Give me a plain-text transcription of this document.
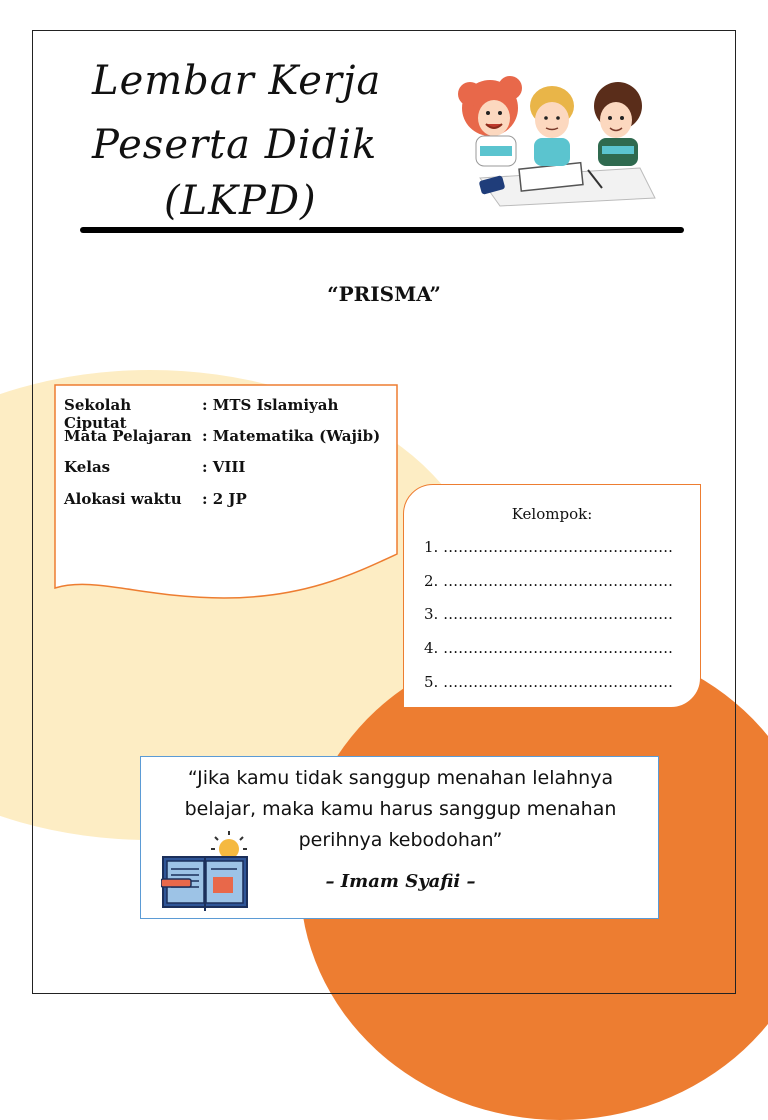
Lembar Kerja
Peserta Didik
(LKPD)
“PRISMA”
Sekolah	: MTS Islamiyah Ciputat
Mata Pelajaran : Matematika (Wajib)
Kelas	: VIII
Alokasi waktu : 2 JP
Kelompok:
1. ……………………………………….
2. ……………………………………….
3. ……………………………………….
4. ……………………………………….
5. ……………………………………….
“Jika kamu tidak sanggup menahan lelahnya
belajar, maka kamu harus sanggup menahan
perihnya kebodohan”
– Imam Syafii –
